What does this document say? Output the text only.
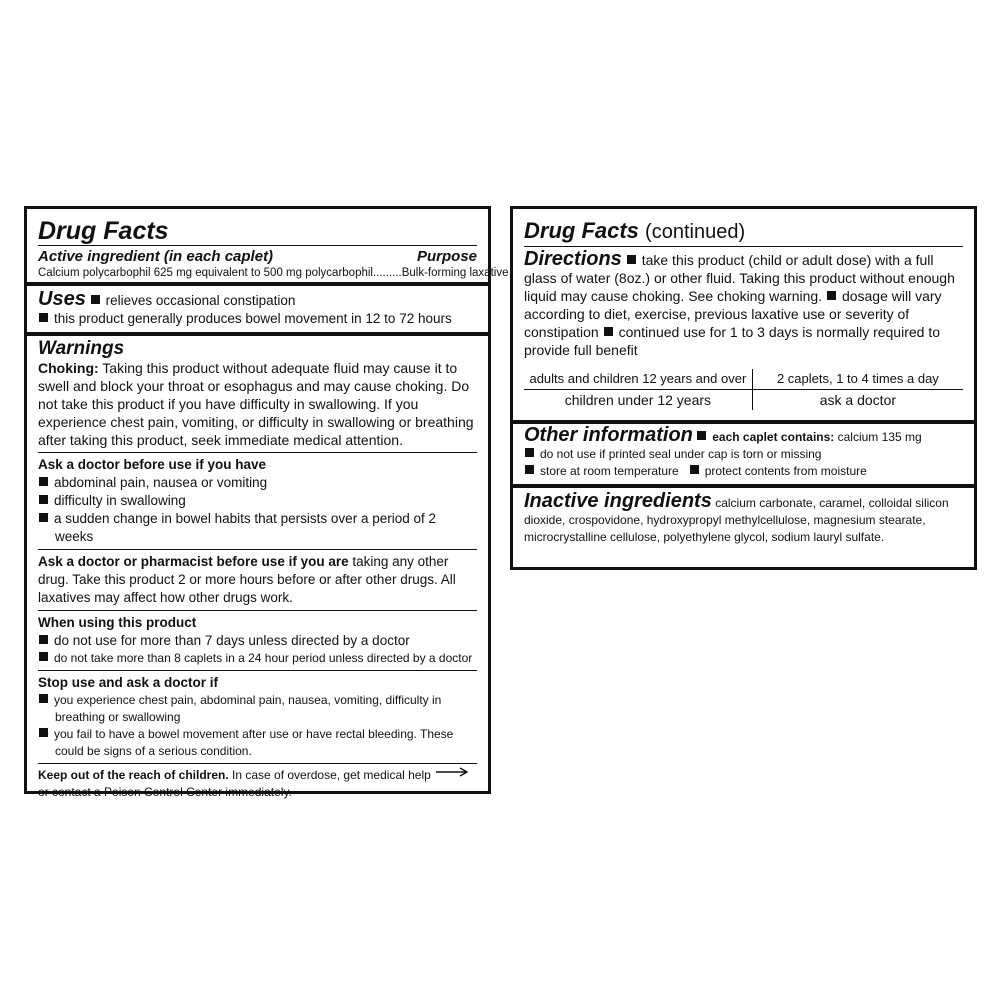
Drug Facts
Active ingredient (in each caplet)	Purpose
Calcium polycarbophil 625 mg equivalent to 500 mg polycarbophil.........Bulk-forming laxative
Uses relieves occasional constipation
this product generally produces bowel movement in 12 to 72 hours
Warnings
Choking: Taking this product without adequate fluid may cause it to swell and block your throat or esophagus and may cause choking. Do not take this product if you have difficulty in swallowing. If you experience chest pain, vomiting, or difficulty in swallowing or breathing after taking this product, seek immediate medical attention.
Ask a doctor before use if you have
abdominal pain, nausea or vomiting
difficulty in swallowing
a sudden change in bowel habits that persists over a period of 2 weeks
Ask a doctor or pharmacist before use if you are taking any other drug. Take this product 2 or more hours before or after other drugs. All laxatives may affect how other drugs work.
When using this product
do not use for more than 7 days unless directed by a doctor
do not take more than 8 caplets in a 24 hour period unless directed by a doctor
Stop use and ask a doctor if
you experience chest pain, abdominal pain, nausea, vomiting, difficulty in breathing or swallowing
you fail to have a bowel movement after use or have rectal bleeding. These could be signs of a serious condition.
Keep out of the reach of children. In case of overdose, get medical help or contact a Poison Control Center immediately.
Drug Facts (continued)
Directions take this product (child or adult dose) with a full glass of water (8oz.) or other fluid. Taking this product without enough liquid may cause choking. See choking warning. dosage will vary according to diet, exercise, previous laxative use or severity of constipation continued use for 1 to 3 days is normally required to provide full benefit
adults and children 12 years and over	2 caplets, 1 to 4 times a day
children under 12 years	ask a doctor
Other information each caplet contains: calcium 135 mg
do not use if printed seal under cap is torn or missing
store at room temperature protect contents from moisture
Inactive ingredients calcium carbonate, caramel, colloidal silicon dioxide, crospovidone, hydroxypropyl methylcellulose, magnesium stearate, microcrystalline cellulose, polyethylene glycol, sodium lauryl sulfate.
